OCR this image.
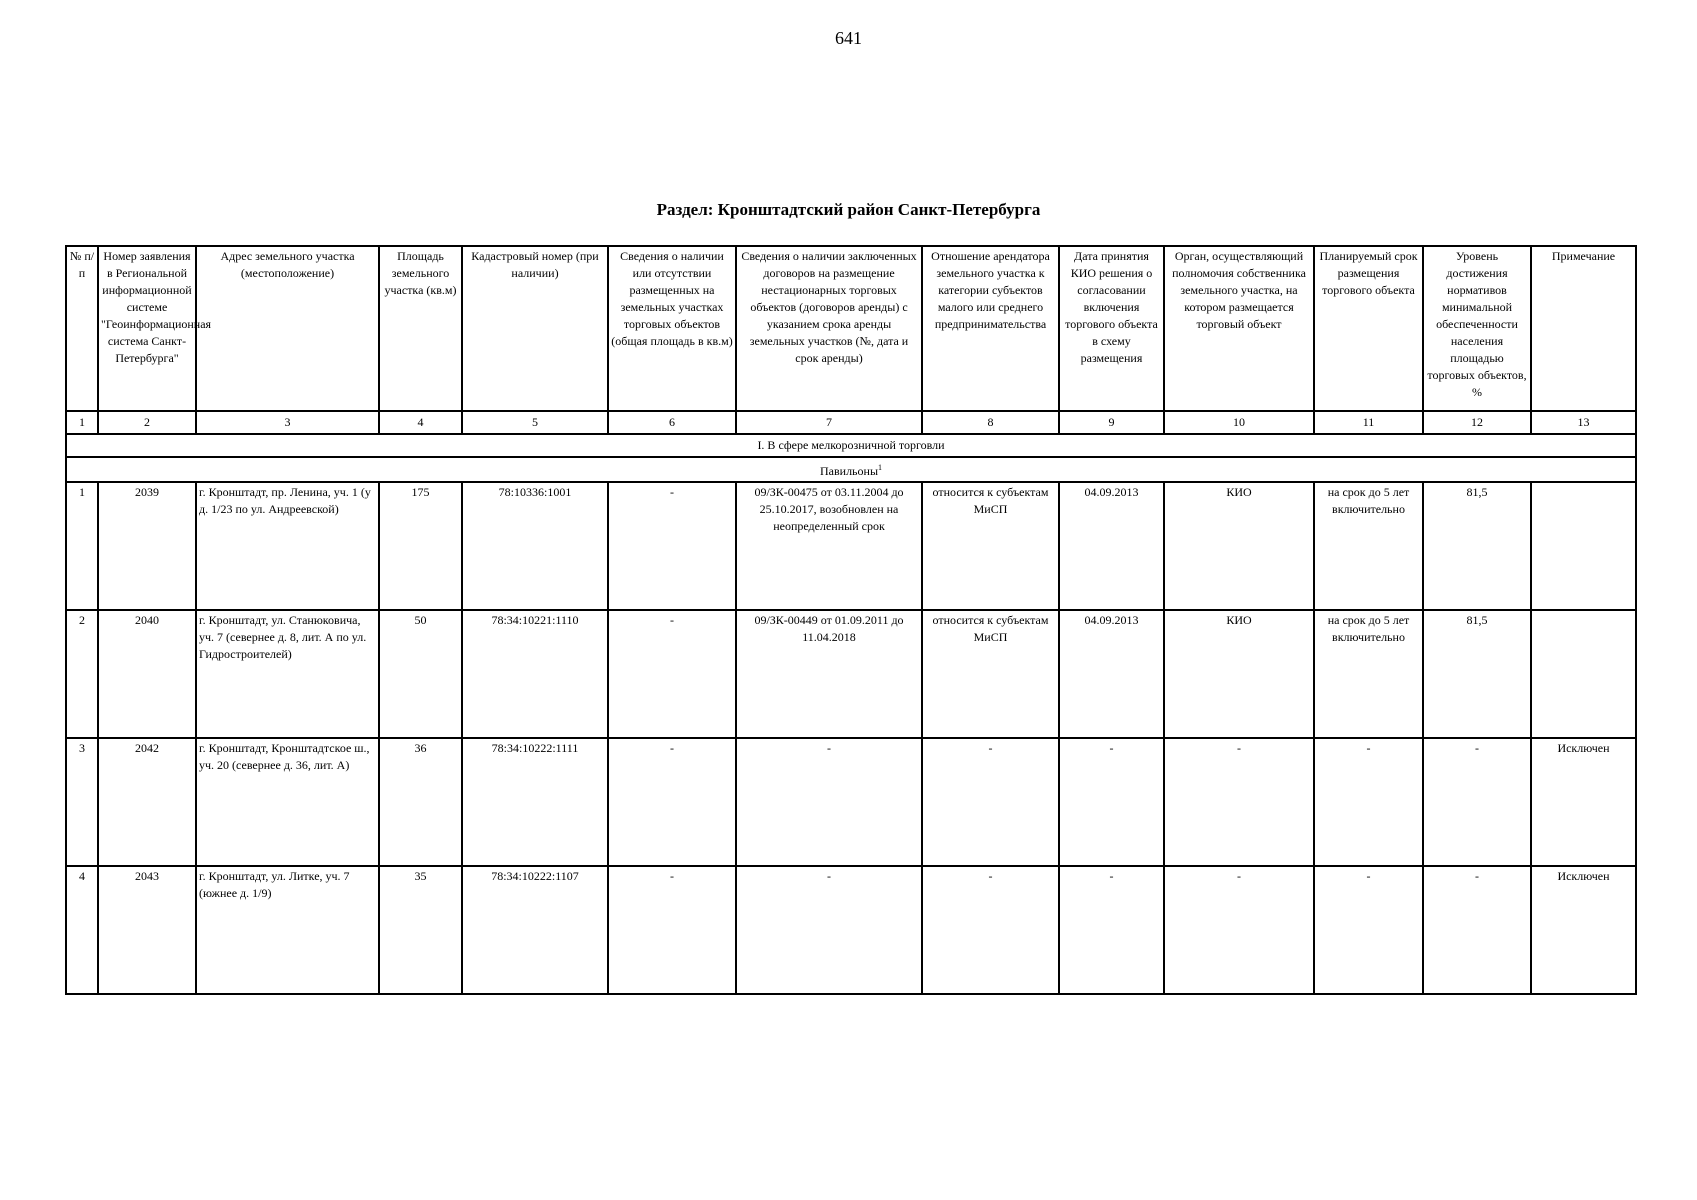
641
Раздел: Кронштадтский район Санкт-Петербурга
№ п/п	Номер заявления в Региональной информационной системе "Геоинформационная система Санкт-Петербурга"	Адрес земельного участка (местоположение)	Площадь земельного участка (кв.м)	Кадастровый номер (при наличии)	Сведения о наличии или отсутствии размещенных на земельных участках торговых объектов (общая площадь в кв.м)	Сведения о наличии заключенных договоров на размещение нестационарных торговых объектов (договоров аренды) с указанием срока аренды земельных участков (№, дата и срок аренды)	Отношение арендатора земельного участка к категории субъектов малого или среднего предпринимательства	Дата принятия КИО решения о согласовании включения торгового объекта в схему размещения	Орган, осуществляющий полномочия собственника земельного участка, на котором размещается торговый объект	Планируемый срок размещения торгового объекта	Уровень достижения нормативов минимальной обеспеченности населения площадью торговых объектов, %	Примечание
1	2	3	4	5	6	7	8	9	10	11	12	13
I. В сфере мелкорозничной торговли												
Павильоны$^1$
1	2039	г. Кронштадт, пр. Ленина, уч. 1 (у д. 1/23 по ул. Андреевской)	175	78:10336:1001	-	09/ЗК-00475 от 03.11.2004 до 25.10.2017, возобновлен на неопределенный срок	относится к субъектам МиСП	04.09.2013	КИО	на срок до 5 лет включительно	81,5	
2	2040	г. Кронштадт, ул. Станюковича, уч. 7 (севернее д. 8, лит. А по ул. Гидростроителей)	50	78:34:10221:1110	-	09/ЗК-00449 от 01.09.2011 до 11.04.2018	относится к субъектам МиСП	04.09.2013	КИО	на срок до 5 лет включительно	81,5	
3	2042	г. Кронштадт, Кронштадтское ш., уч. 20 (севернее д. 36, лит. А)	36	78:34:10222:1111	-	-	-	-	-	-	-	Исключен
4	2043	г. Кронштадт, ул. Литке, уч. 7 (южнее д. 1/9)	35	78:34:10222:1107	-	-	-	-	-	-	-	Исключен
